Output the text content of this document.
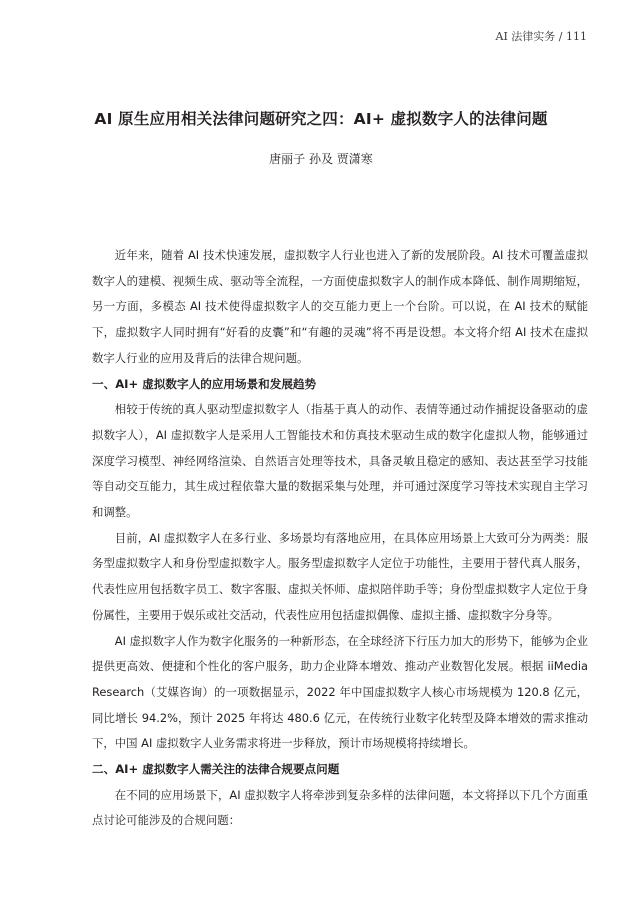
AI 法律实务 / 111
AI 原生应用相关法律问题研究之四：AI+ 虚拟数字人的法律问题
唐丽子 孙及 贾潇寒

近年来，随着 AI 技术快速发展，虚拟数字人行业也进入了新的发展阶段。AI 技术可覆盖虚拟数字人的建模、视频生成、驱动等全流程，一方面使虚拟数字人的制作成本降低、制作周期缩短，另一方面，多模态 AI 技术使得虚拟数字人的交互能力更上一个台阶。可以说，在 AI 技术的赋能下，虚拟数字人同时拥有“好看的皮囊”和“有趣的灵魂”将不再是设想。本文将介绍 AI 技术在虚拟数字人行业的应用及背后的法律合规问题。

一、AI+ 虚拟数字人的应用场景和发展趋势

相较于传统的真人驱动型虚拟数字人（指基于真人的动作、表情等通过动作捕捉设备驱动的虚拟数字人），AI 虚拟数字人是采用人工智能技术和仿真技术驱动生成的数字化虚拟人物，能够通过深度学习模型、神经网络渲染、自然语言处理等技术，具备灵敏且稳定的感知、表达甚至学习技能等自动交互能力，其生成过程依靠大量的数据采集与处理，并可通过深度学习等技术实现自主学习和调整。

目前，AI 虚拟数字人在多行业、多场景均有落地应用，在具体应用场景上大致可分为两类：服务型虚拟数字人和身份型虚拟数字人。服务型虚拟数字人定位于功能性，主要用于替代真人服务，代表性应用包括数字员工、数字客服、虚拟关怀师、虚拟陪伴助手等；身份型虚拟数字人定位于身份属性，主要用于娱乐或社交活动，代表性应用包括虚拟偶像、虚拟主播、虚拟数字分身等。

AI 虚拟数字人作为数字化服务的一种新形态，在全球经济下行压力加大的形势下，能够为企业提供更高效、便捷和个性化的客户服务，助力企业降本增效、推动产业数智化发展。根据 iiMedia Research（艾媒咨询）的一项数据显示，2022 年中国虚拟数字人核心市场规模为 120.8 亿元，同比增长 94.2%，预计 2025 年将达 480.6 亿元，在传统行业数字化转型及降本增效的需求推动下，中国 AI 虚拟数字人业务需求将进一步释放，预计市场规模将持续增长。

二、AI+ 虚拟数字人需关注的法律合规要点问题

在不同的应用场景下，AI 虚拟数字人将牵涉到复杂多样的法律问题，本文将择以下几个方面重点讨论可能涉及的合规问题：
